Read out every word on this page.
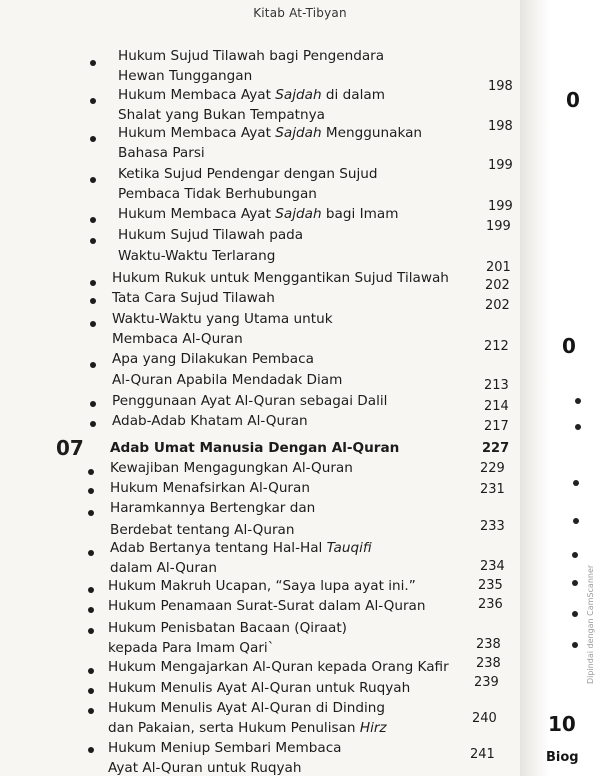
Kitab At-Tibyan
Hukum Sujud Tilawah bagi Pengendara
Hewan Tunggangan
198
Hukum Membaca Ayat Sajdah di dalam
Shalat yang Bukan Tempatnya
198
Hukum Membaca Ayat Sajdah Menggunakan
Bahasa Parsi
199
Ketika Sujud Pendengar dengan Sujud
Pembaca Tidak Berhubungan
199
Hukum Membaca Ayat Sajdah bagi Imam
199
Hukum Sujud Tilawah pada
Waktu-Waktu Terlarang
201
Hukum Rukuk untuk Menggantikan Sujud Tilawah	202
Tata Cara Sujud Tilawah	202
Waktu-Waktu yang Utama untuk
Membaca Al-Quran	212
Apa yang Dilakukan Pembaca
Al-Quran Apabila Mendadak Diam	213
Penggunaan Ayat Al-Quran sebagai Dalil	214
Adab-Adab Khatam Al-Quran	217
07 Adab Umat Manusia Dengan Al-Quran	227
Kewajiban Mengagungkan Al-Quran	229
Hukum Menafsirkan Al-Quran	231
Haramkannya Bertengkar dan
Berdebat tentang Al-Quran	233
Adab Bertanya tentang Hal-Hal Tauqifi
dalam Al-Quran	234
Hukum Makruh Ucapan, “Saya lupa ayat ini.”	235
Hukum Penamaan Surat-Surat dalam Al-Quran	236
Hukum Penisbatan Bacaan (Qiraat)
kepada Para Imam Qari`	238
Hukum Mengajarkan Al-Quran kepada Orang Kafir 238
Hukum Menulis Ayat Al-Quran untuk Ruqyah	239
Hukum Menulis Ayat Al-Quran di Dinding
dan Pakaian, serta Hukum Penulisan Hirz
240
Hukum Meniup Sembari Membaca
Ayat Al-Quran untuk Ruqyah
241
0
0
10
Biog
Dipindai dengan CamScanner
